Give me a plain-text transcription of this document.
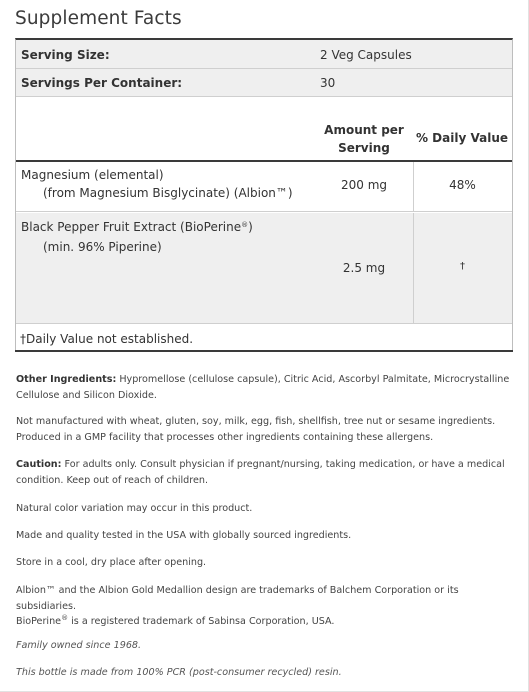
Supplement Facts
Serving Size:	2 Veg Capsules
Servings Per Container:	30
Amount per
Serving
% Daily Value
Magnesium (elemental)
(from Magnesium Bisglycinate) (Albion™)
200 mg	48%
Black Pepper Fruit Extract (BioPerine®)
(min. 96% Piperine)
2.5 mg	†
†Daily Value not established.

Other Ingredients: Hypromellose (cellulose capsule), Citric Acid, Ascorbyl Palmitate, Microcrystalline Cellulose and Silicon Dioxide.

Not manufactured with wheat, gluten, soy, milk, egg, fish, shellfish, tree nut or sesame ingredients. Produced in a GMP facility that processes other ingredients containing these allergens.

Caution: For adults only. Consult physician if pregnant/nursing, taking medication, or have a medical condition. Keep out of reach of children.

Natural color variation may occur in this product.

Made and quality tested in the USA with globally sourced ingredients.

Store in a cool, dry place after opening.

Albion™ and the Albion Gold Medallion design are trademarks of Balchem Corporation or its subsidiaries.

BioPerine® is a registered trademark of Sabinsa Corporation, USA.

Family owned since 1968.

This bottle is made from 100% PCR (post-consumer recycled) resin.
